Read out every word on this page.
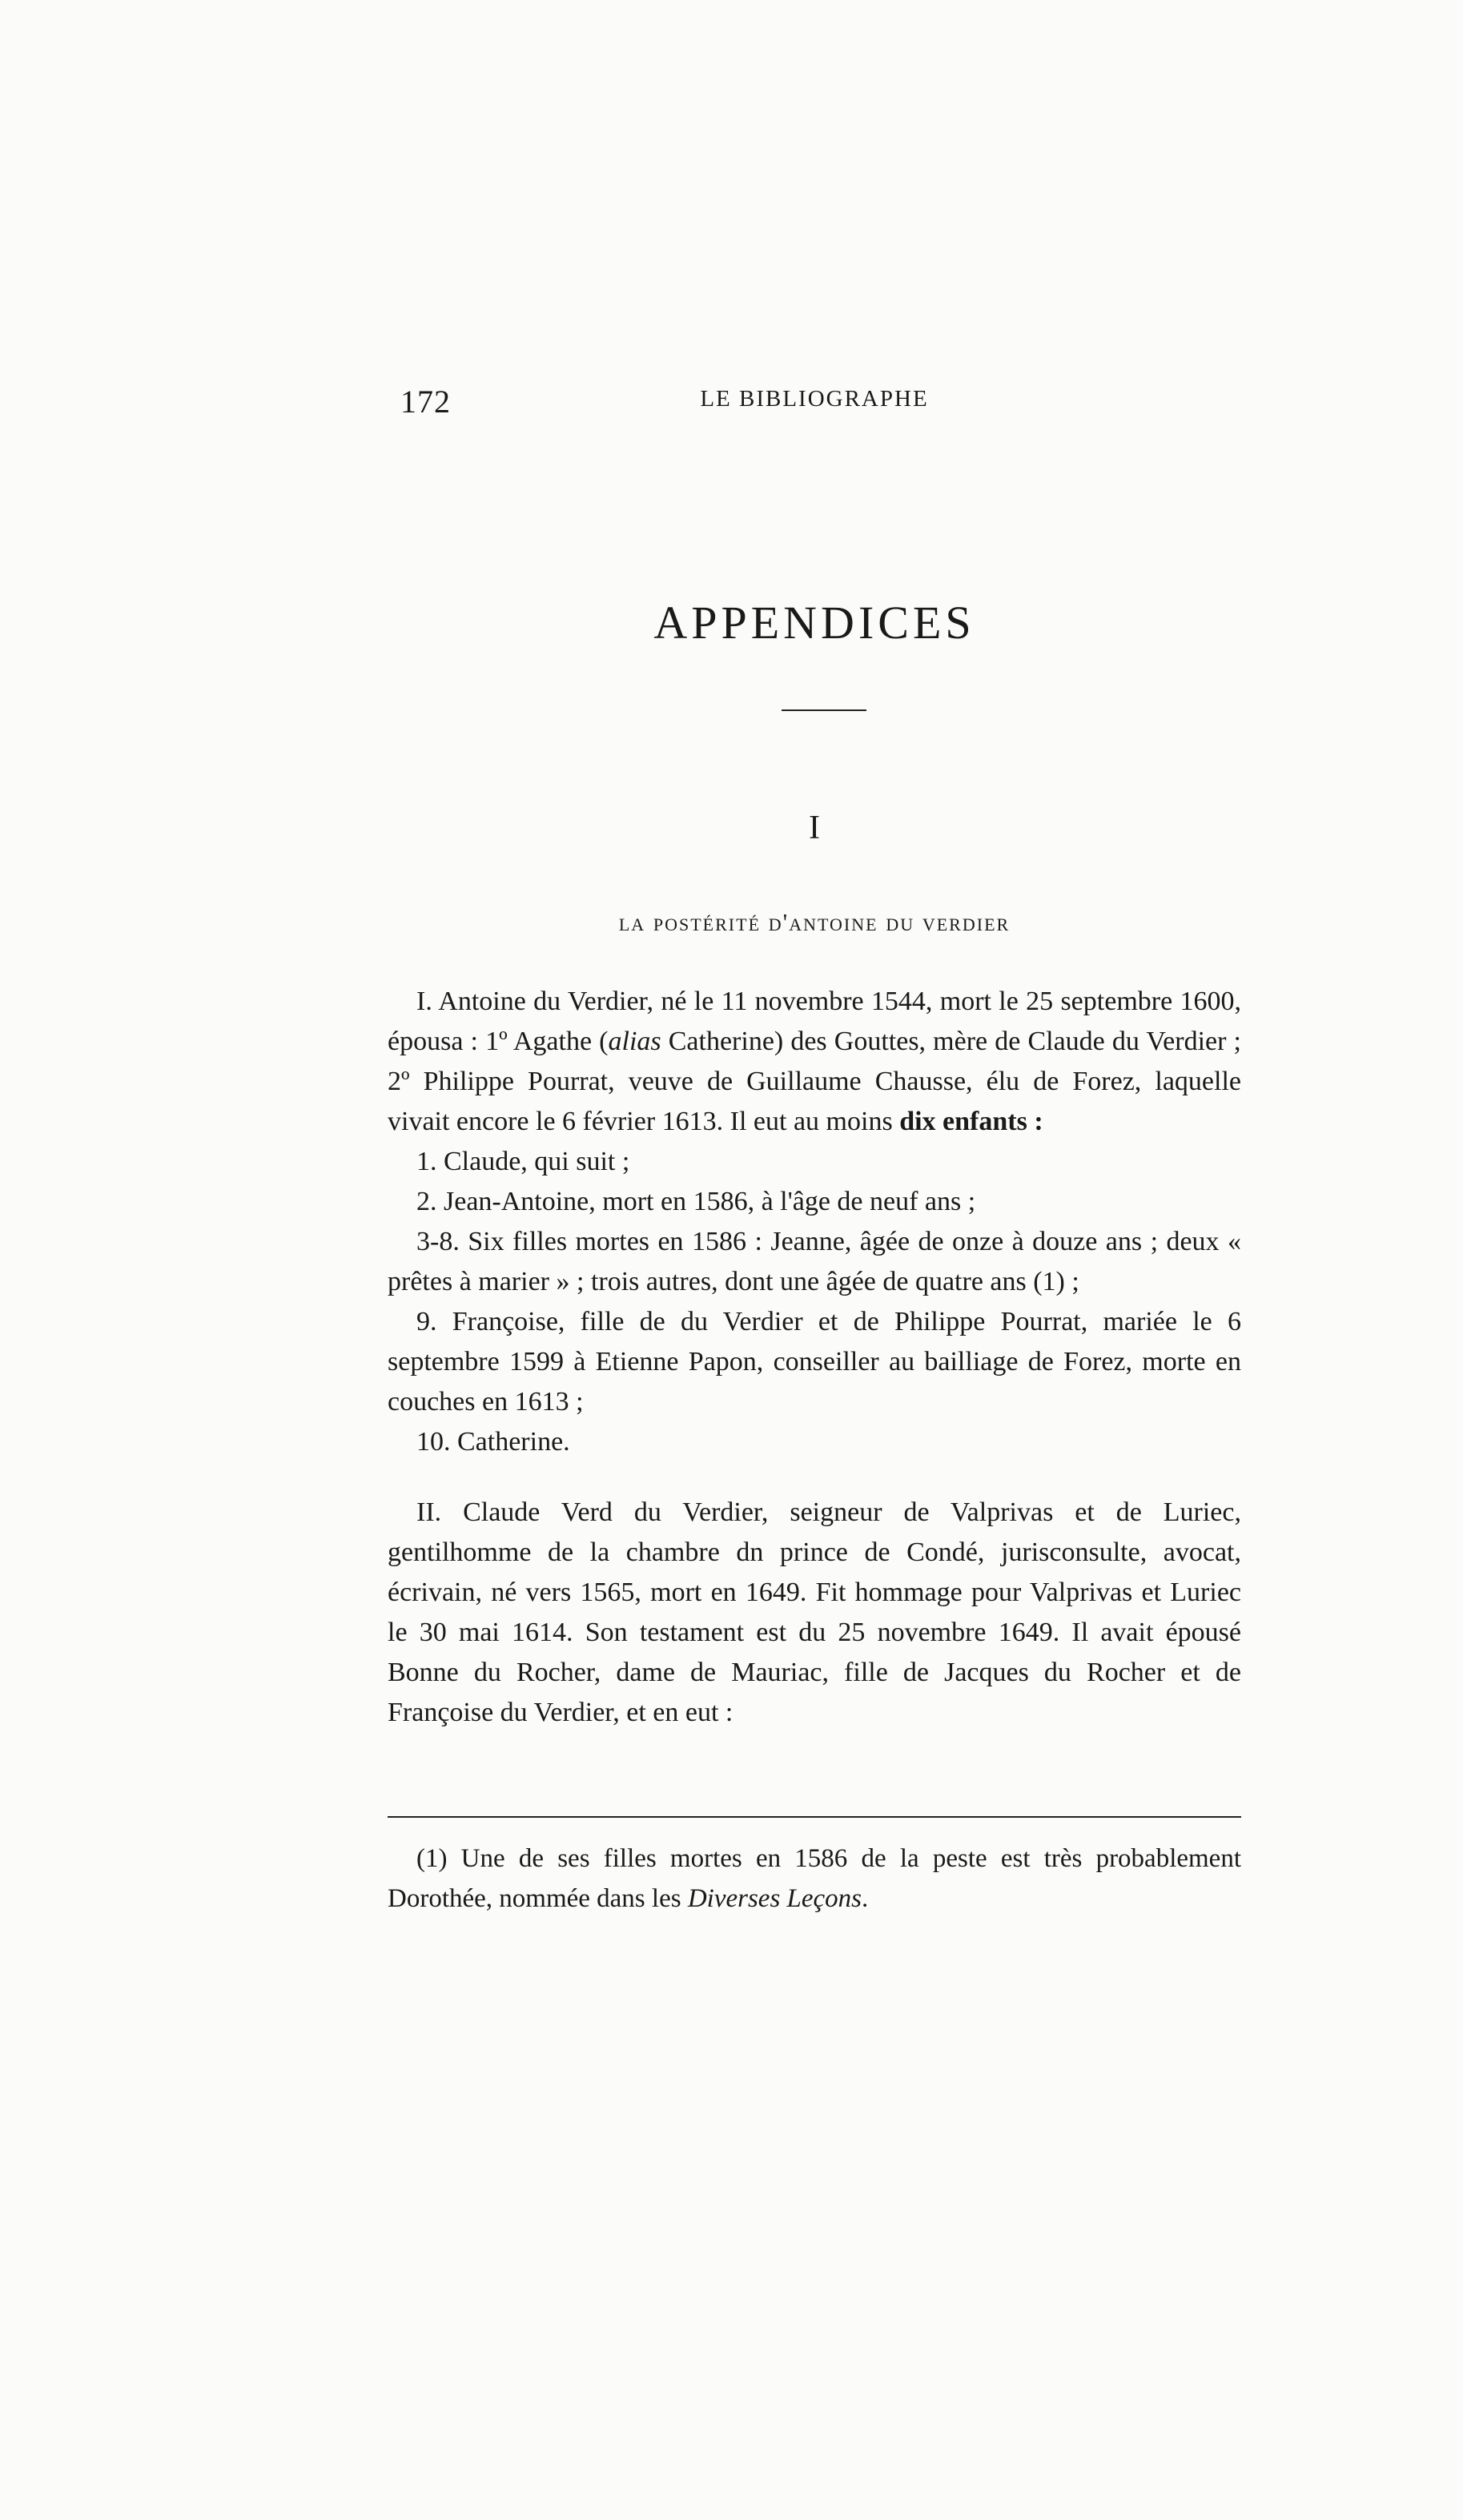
172	LE BIBLIOGRAPHE
APPENDICES
I
la postérité d'antoine du verdier

I. Antoine du Verdier, né le 11 novembre 1544, mort le 25 septembre 1600, épousa : 1º Agathe (alias Catherine) des Gouttes, mère de Claude du Verdier ; 2º Philippe Pourrat, veuve de Guillaume Chausse, élu de Forez, laquelle vivait encore le 6 février 1613. Il eut au moins dix enfants :

1. Claude, qui suit ;

2. Jean-Antoine, mort en 1586, à l'âge de neuf ans ;

3-8. Six filles mortes en 1586 : Jeanne, âgée de onze à douze ans ; deux « prêtes à marier » ; trois autres, dont une âgée de quatre ans (1) ;

9. Françoise, fille de du Verdier et de Philippe Pourrat, mariée le 6 septembre 1599 à Etienne Papon, conseiller au bailliage de Forez, morte en couches en 1613 ;

10. Catherine.

II. Claude Verd du Verdier, seigneur de Valprivas et de Luriec, gentilhomme de la chambre dn prince de Condé, jurisconsulte, avocat, écrivain, né vers 1565, mort en 1649. Fit hommage pour Valprivas et Luriec le 30 mai 1614. Son testament est du 25 novembre 1649. Il avait épousé Bonne du Rocher, dame de Mauriac, fille de Jacques du Rocher et de Françoise du Verdier, et en eut :

(1) Une de ses filles mortes en 1586 de la peste est très probablement Dorothée, nommée dans les Diverses Leçons.
